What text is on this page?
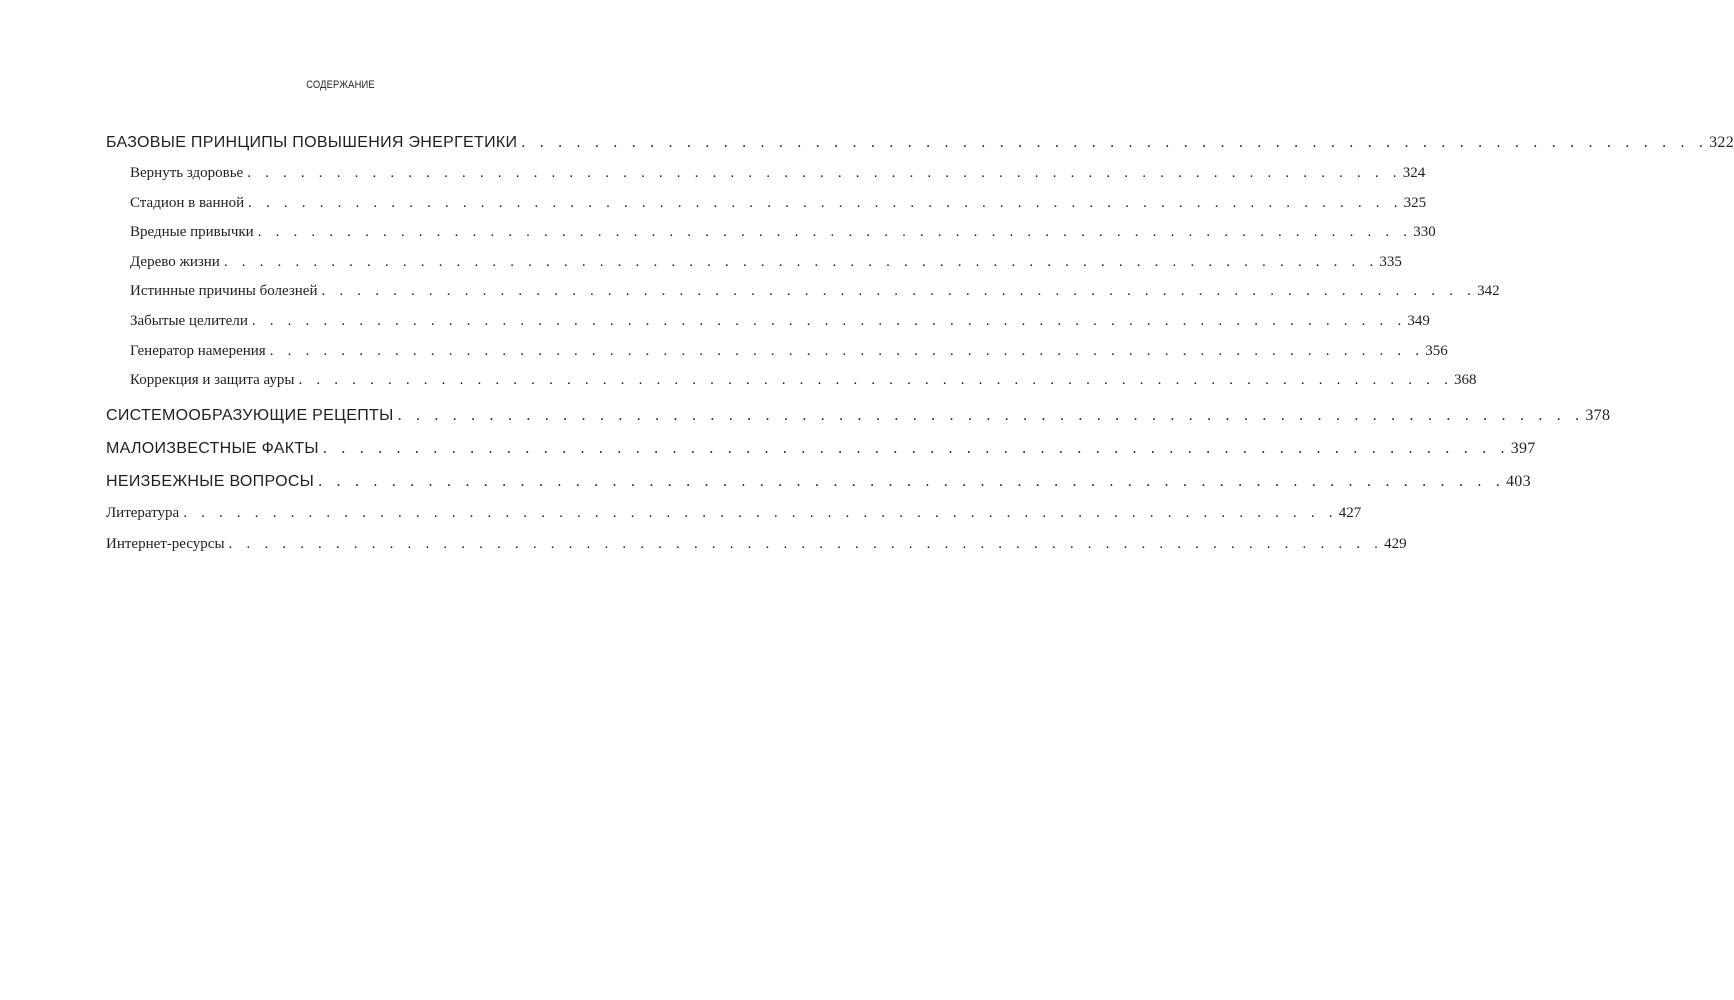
СОДЕРЖАНИЕ
БАЗОВЫЕ ПРИНЦИПЫ ПОВЫШЕНИЯ ЭНЕРГЕТИКИ . . . . . . . . . . . . . . . . . . . . . . . . . . . . . . . . . . . . . . . . . . . . . . . . . . . . . . . . . . . . . . . . . 322
Вернуть здоровье . . . . . . . . . . . . . . . . . . . . . . . . . . . . . . . . . . . . . . . . . . . . . . . . . . . . . . . . . . . . . . . . . 324
Стадион в ванной . . . . . . . . . . . . . . . . . . . . . . . . . . . . . . . . . . . . . . . . . . . . . . . . . . . . . . . . . . . . . . . . . 325
Вредные привычки . . . . . . . . . . . . . . . . . . . . . . . . . . . . . . . . . . . . . . . . . . . . . . . . . . . . . . . . . . . . . . . . . 330
Дерево жизни . . . . . . . . . . . . . . . . . . . . . . . . . . . . . . . . . . . . . . . . . . . . . . . . . . . . . . . . . . . . . . . . . 335
Истинные причины болезней . . . . . . . . . . . . . . . . . . . . . . . . . . . . . . . . . . . . . . . . . . . . . . . . . . . . . . . . . . . . . . . . . 342
Забытые целители . . . . . . . . . . . . . . . . . . . . . . . . . . . . . . . . . . . . . . . . . . . . . . . . . . . . . . . . . . . . . . . . . 349
Генератор намерения . . . . . . . . . . . . . . . . . . . . . . . . . . . . . . . . . . . . . . . . . . . . . . . . . . . . . . . . . . . . . . . . . 356
Коррекция и защита ауры . . . . . . . . . . . . . . . . . . . . . . . . . . . . . . . . . . . . . . . . . . . . . . . . . . . . . . . . . . . . . . . . . 368
СИСТЕМООБРАЗУЮЩИЕ РЕЦЕПТЫ . . . . . . . . . . . . . . . . . . . . . . . . . . . . . . . . . . . . . . . . . . . . . . . . . . . . . . . . . . . . . . . . . 378
МАЛОИЗВЕСТНЫЕ ФАКТЫ . . . . . . . . . . . . . . . . . . . . . . . . . . . . . . . . . . . . . . . . . . . . . . . . . . . . . . . . . . . . . . . . . 397
НЕИЗБЕЖНЫЕ ВОПРОСЫ . . . . . . . . . . . . . . . . . . . . . . . . . . . . . . . . . . . . . . . . . . . . . . . . . . . . . . . . . . . . . . . . . 403
Литература . . . . . . . . . . . . . . . . . . . . . . . . . . . . . . . . . . . . . . . . . . . . . . . . . . . . . . . . . . . . . . . . . 427
Интернет-ресурсы . . . . . . . . . . . . . . . . . . . . . . . . . . . . . . . . . . . . . . . . . . . . . . . . . . . . . . . . . . . . . . . . . 429
